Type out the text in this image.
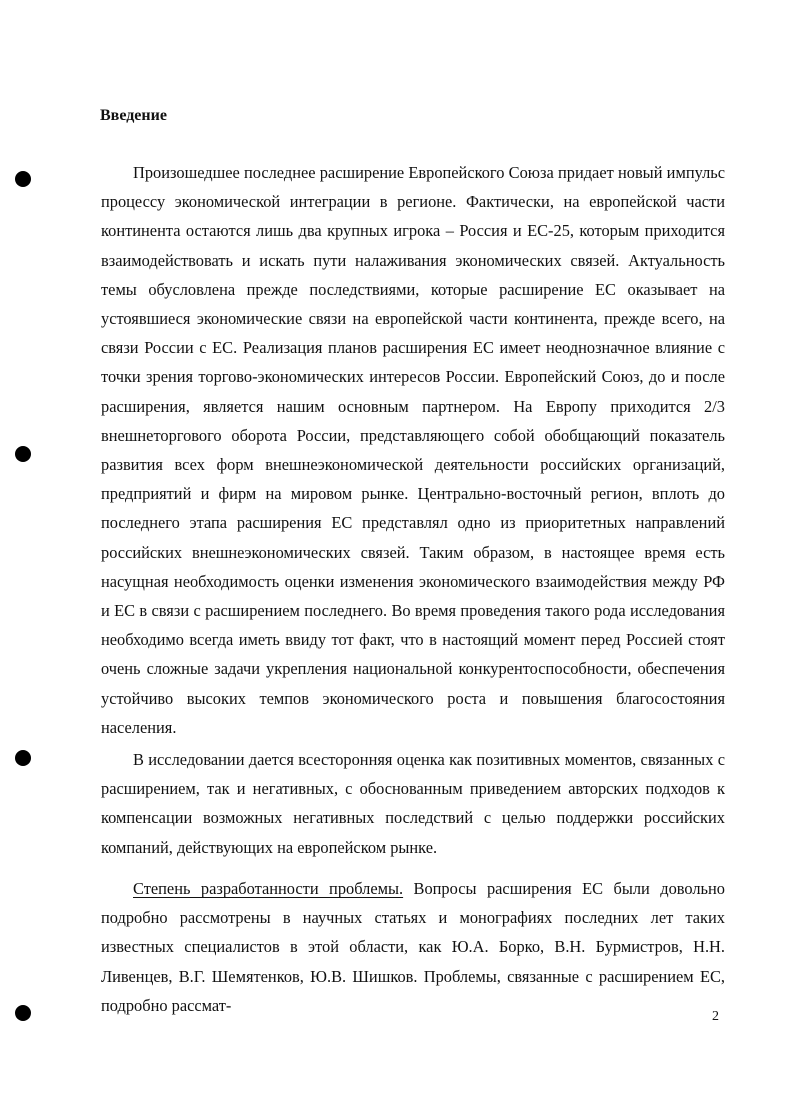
Введение

Произошедшее последнее расширение Европейского Союза придает новый импульс процессу экономической интеграции в регионе. Фактически, на европейской части континента остаются лишь два крупных игрока – Россия и ЕС-25, которым приходится взаимодействовать и искать пути налаживания экономических связей. Актуальность темы обусловлена прежде последствиями, которые расширение ЕС оказывает на устоявшиеся экономические связи на европейской части континента, прежде всего, на связи России с ЕС. Реализация планов расширения ЕС имеет неоднозначное влияние с точки зрения торгово-экономических интересов России. Европейский Союз, до и после расширения, является нашим основным партнером. На Европу приходится 2/3 внешнеторгового оборота России, представляющего собой обобщающий показатель развития всех форм внешнеэкономической деятельности российских организаций, предприятий и фирм на мировом рынке. Центрально-восточный регион, вплоть до последнего этапа расширения ЕС представлял одно из приоритетных направлений российских внешнеэкономических связей. Таким образом, в настоящее время есть насущная необходимость оценки изменения экономического взаимодействия между РФ и ЕС в связи с расширением последнего. Во время проведения такого рода исследования необходимо всегда иметь ввиду тот факт, что в настоящий момент перед Россией стоят очень сложные задачи укрепления национальной конкурентоспособности, обеспечения устойчиво высоких темпов экономического роста и повышения благосостояния населения.

В исследовании дается всесторонняя оценка как позитивных моментов, связанных с расширением, так и негативных, с обоснованным приведением авторских подходов к компенсации возможных негативных последствий с целью поддержки российских компаний, действующих на европейском рынке.

Степень разработанности проблемы. Вопросы расширения ЕС были довольно подробно рассмотрены в научных статьях и монографиях последних лет таких известных специалистов в этой области, как Ю.А. Борко, В.Н. Бурмистров, Н.Н. Ливенцев, В.Г. Шемятенков, Ю.В. Шишков. Проблемы, связанные с расширением ЕС, подробно рассмат-

2
